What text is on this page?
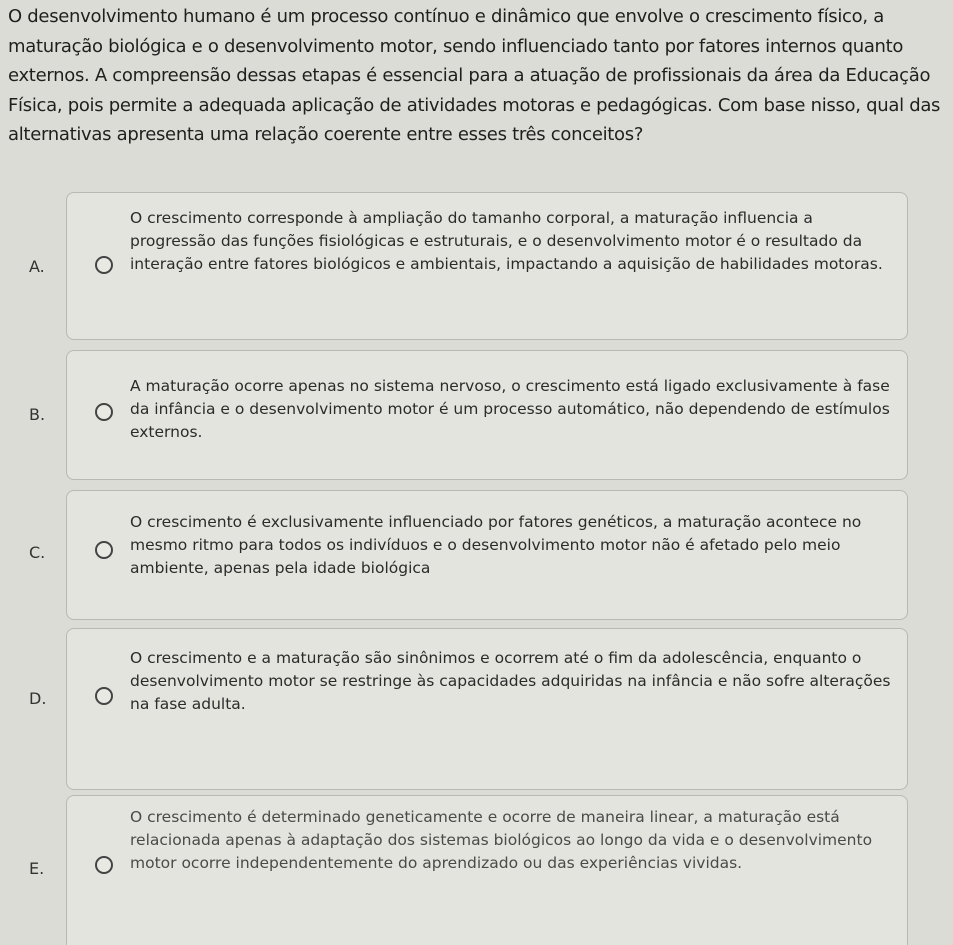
O desenvolvimento humano é um processo contínuo e dinâmico que envolve o crescimento físico, a maturação biológica e o desenvolvimento motor, sendo influenciado tanto por fatores internos quanto externos. A compreensão dessas etapas é essencial para a atuação de profissionais da área da Educação Física, pois permite a adequada aplicação de atividades motoras e pedagógicas. Com base nisso, qual das alternativas apresenta uma relação coerente entre esses três conceitos?
A.
O crescimento corresponde à ampliação do tamanho corporal, a maturação influencia a progressão das funções fisiológicas e estruturais, e o desenvolvimento motor é o resultado da interação entre fatores biológicos e ambientais, impactando a aquisição de habilidades motoras.
B.
A maturação ocorre apenas no sistema nervoso, o crescimento está ligado exclusivamente à fase da infância e o desenvolvimento motor é um processo automático, não dependendo de estímulos externos.
C.
O crescimento é exclusivamente influenciado por fatores genéticos, a maturação acontece no mesmo ritmo para todos os indivíduos e o desenvolvimento motor não é afetado pelo meio ambiente, apenas pela idade biológica
D.
O crescimento e a maturação são sinônimos e ocorrem até o fim da adolescência, enquanto o desenvolvimento motor se restringe às capacidades adquiridas na infância e não sofre alterações na fase adulta.
E.
O crescimento é determinado geneticamente e ocorre de maneira linear, a maturação está relacionada apenas à adaptação dos sistemas biológicos ao longo da vida e o desenvolvimento motor ocorre independentemente do aprendizado ou das experiências vividas.
